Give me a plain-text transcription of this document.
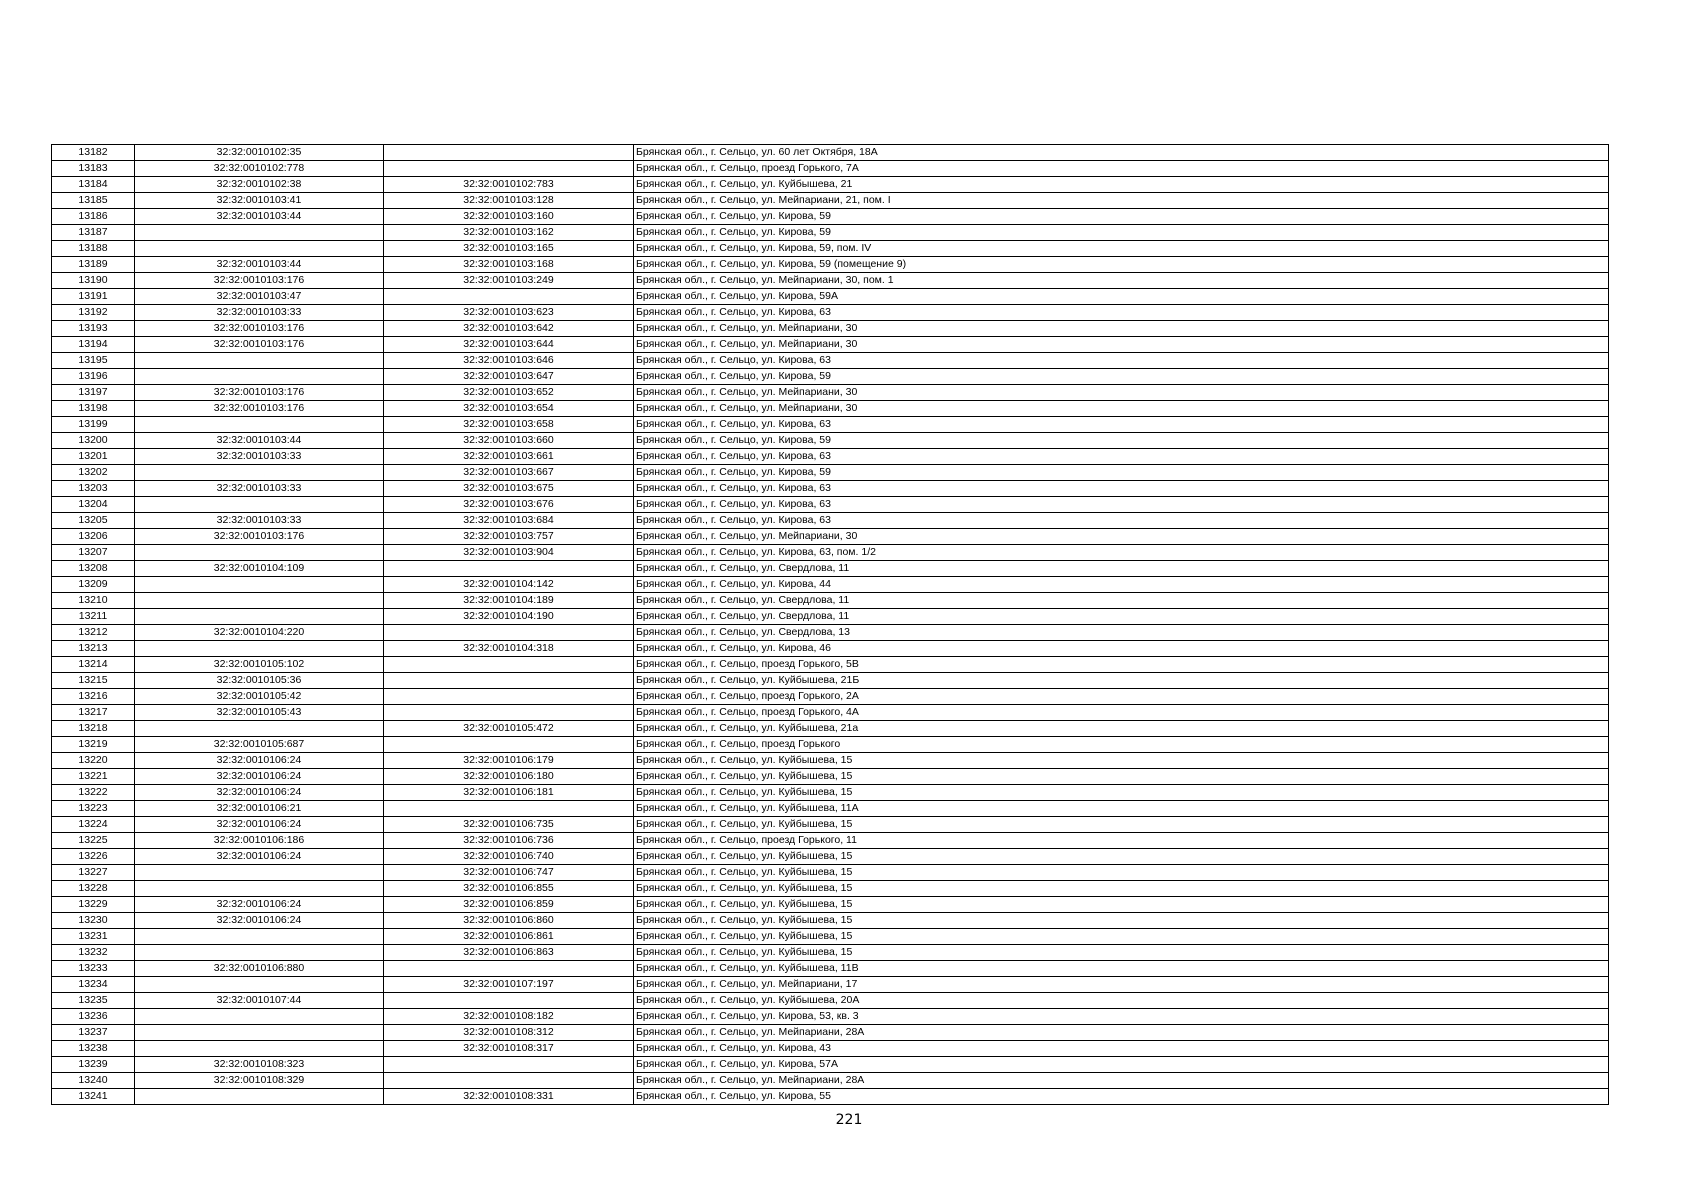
13182	32:32:0010102:35		Брянская обл., г. Сельцо, ул. 60 лет Октября, 18А
13183	32:32:0010102:778		Брянская обл., г. Сельцо, проезд Горького, 7А
13184	32:32:0010102:38	32:32:0010102:783	Брянская обл., г. Сельцо, ул. Куйбышева, 21
13185	32:32:0010103:41	32:32:0010103:128	Брянская обл., г. Сельцо, ул. Мейпариани, 21, пом. I
13186	32:32:0010103:44	32:32:0010103:160	Брянская обл., г. Сельцо, ул. Кирова, 59
13187		32:32:0010103:162	Брянская обл., г. Сельцо, ул. Кирова, 59
13188		32:32:0010103:165	Брянская обл., г. Сельцо, ул. Кирова, 59, пом. IV
13189	32:32:0010103:44	32:32:0010103:168	Брянская обл., г. Сельцо, ул. Кирова, 59 (помещение 9)
13190	32:32:0010103:176	32:32:0010103:249	Брянская обл., г. Сельцо, ул. Мейпариани, 30, пом. 1
13191	32:32:0010103:47		Брянская обл., г. Сельцо, ул. Кирова, 59А
13192	32:32:0010103:33	32:32:0010103:623	Брянская обл., г. Сельцо, ул. Кирова, 63
13193	32:32:0010103:176	32:32:0010103:642	Брянская обл., г. Сельцо, ул. Мейпариани, 30
13194	32:32:0010103:176	32:32:0010103:644	Брянская обл., г. Сельцо, ул. Мейпариани, 30
13195		32:32:0010103:646	Брянская обл., г. Сельцо, ул. Кирова, 63
13196		32:32:0010103:647	Брянская обл., г. Сельцо, ул. Кирова, 59
13197	32:32:0010103:176	32:32:0010103:652	Брянская обл., г. Сельцо, ул. Мейпариани, 30
13198	32:32:0010103:176	32:32:0010103:654	Брянская обл., г. Сельцо, ул. Мейпариани, 30
13199		32:32:0010103:658	Брянская обл., г. Сельцо, ул. Кирова, 63
13200	32:32:0010103:44	32:32:0010103:660	Брянская обл., г. Сельцо, ул. Кирова, 59
13201	32:32:0010103:33	32:32:0010103:661	Брянская обл., г. Сельцо, ул. Кирова, 63
13202		32:32:0010103:667	Брянская обл., г. Сельцо, ул. Кирова, 59
13203	32:32:0010103:33	32:32:0010103:675	Брянская обл., г. Сельцо, ул. Кирова, 63
13204		32:32:0010103:676	Брянская обл., г. Сельцо, ул. Кирова, 63
13205	32:32:0010103:33	32:32:0010103:684	Брянская обл., г. Сельцо, ул. Кирова, 63
13206	32:32:0010103:176	32:32:0010103:757	Брянская обл., г. Сельцо, ул. Мейпариани, 30
13207		32:32:0010103:904	Брянская обл., г. Сельцо, ул. Кирова, 63, пом. 1/2
13208	32:32:0010104:109		Брянская обл., г. Сельцо, ул. Свердлова, 11
13209		32:32:0010104:142	Брянская обл., г. Сельцо, ул. Кирова, 44
13210		32:32:0010104:189	Брянская обл., г. Сельцо, ул. Свердлова, 11
13211		32:32:0010104:190	Брянская обл., г. Сельцо, ул. Свердлова, 11
13212	32:32:0010104:220		Брянская обл., г. Сельцо, ул. Свердлова, 13
13213		32:32:0010104:318	Брянская обл., г. Сельцо, ул. Кирова, 46
13214	32:32:0010105:102		Брянская обл., г. Сельцо, проезд Горького, 5В
13215	32:32:0010105:36		Брянская обл., г. Сельцо, ул. Куйбышева, 21Б
13216	32:32:0010105:42		Брянская обл., г. Сельцо, проезд Горького, 2А
13217	32:32:0010105:43		Брянская обл., г. Сельцо, проезд Горького, 4А
13218		32:32:0010105:472	Брянская обл., г. Сельцо, ул. Куйбышева, 21а
13219	32:32:0010105:687		Брянская обл., г. Сельцо, проезд Горького
13220	32:32:0010106:24	32:32:0010106:179	Брянская обл., г. Сельцо, ул. Куйбышева, 15
13221	32:32:0010106:24	32:32:0010106:180	Брянская обл., г. Сельцо, ул. Куйбышева, 15
13222	32:32:0010106:24	32:32:0010106:181	Брянская обл., г. Сельцо, ул. Куйбышева, 15
13223	32:32:0010106:21		Брянская обл., г. Сельцо, ул. Куйбышева, 11А
13224	32:32:0010106:24	32:32:0010106:735	Брянская обл., г. Сельцо, ул. Куйбышева, 15
13225	32:32:0010106:186	32:32:0010106:736	Брянская обл., г. Сельцо, проезд Горького, 11
13226	32:32:0010106:24	32:32:0010106:740	Брянская обл., г. Сельцо, ул. Куйбышева, 15
13227		32:32:0010106:747	Брянская обл., г. Сельцо, ул. Куйбышева, 15
13228		32:32:0010106:855	Брянская обл., г. Сельцо, ул. Куйбышева, 15
13229	32:32:0010106:24	32:32:0010106:859	Брянская обл., г. Сельцо, ул. Куйбышева, 15
13230	32:32:0010106:24	32:32:0010106:860	Брянская обл., г. Сельцо, ул. Куйбышева, 15
13231		32:32:0010106:861	Брянская обл., г. Сельцо, ул. Куйбышева, 15
13232		32:32:0010106:863	Брянская обл., г. Сельцо, ул. Куйбышева, 15
13233	32:32:0010106:880		Брянская обл., г. Сельцо, ул. Куйбышева, 11В
13234		32:32:0010107:197	Брянская обл., г. Сельцо, ул. Мейпариани, 17
13235	32:32:0010107:44		Брянская обл., г. Сельцо, ул. Куйбышева, 20А
13236		32:32:0010108:182	Брянская обл., г. Сельцо, ул. Кирова, 53, кв. 3
13237		32:32:0010108:312	Брянская обл., г. Сельцо, ул. Мейпариани, 28А
13238		32:32:0010108:317	Брянская обл., г. Сельцо, ул. Кирова, 43
13239	32:32:0010108:323		Брянская обл., г. Сельцо, ул. Кирова, 57А
13240	32:32:0010108:329		Брянская обл., г. Сельцо, ул. Мейпариани, 28А
13241		32:32:0010108:331	Брянская обл., г. Сельцо, ул. Кирова, 55
221
